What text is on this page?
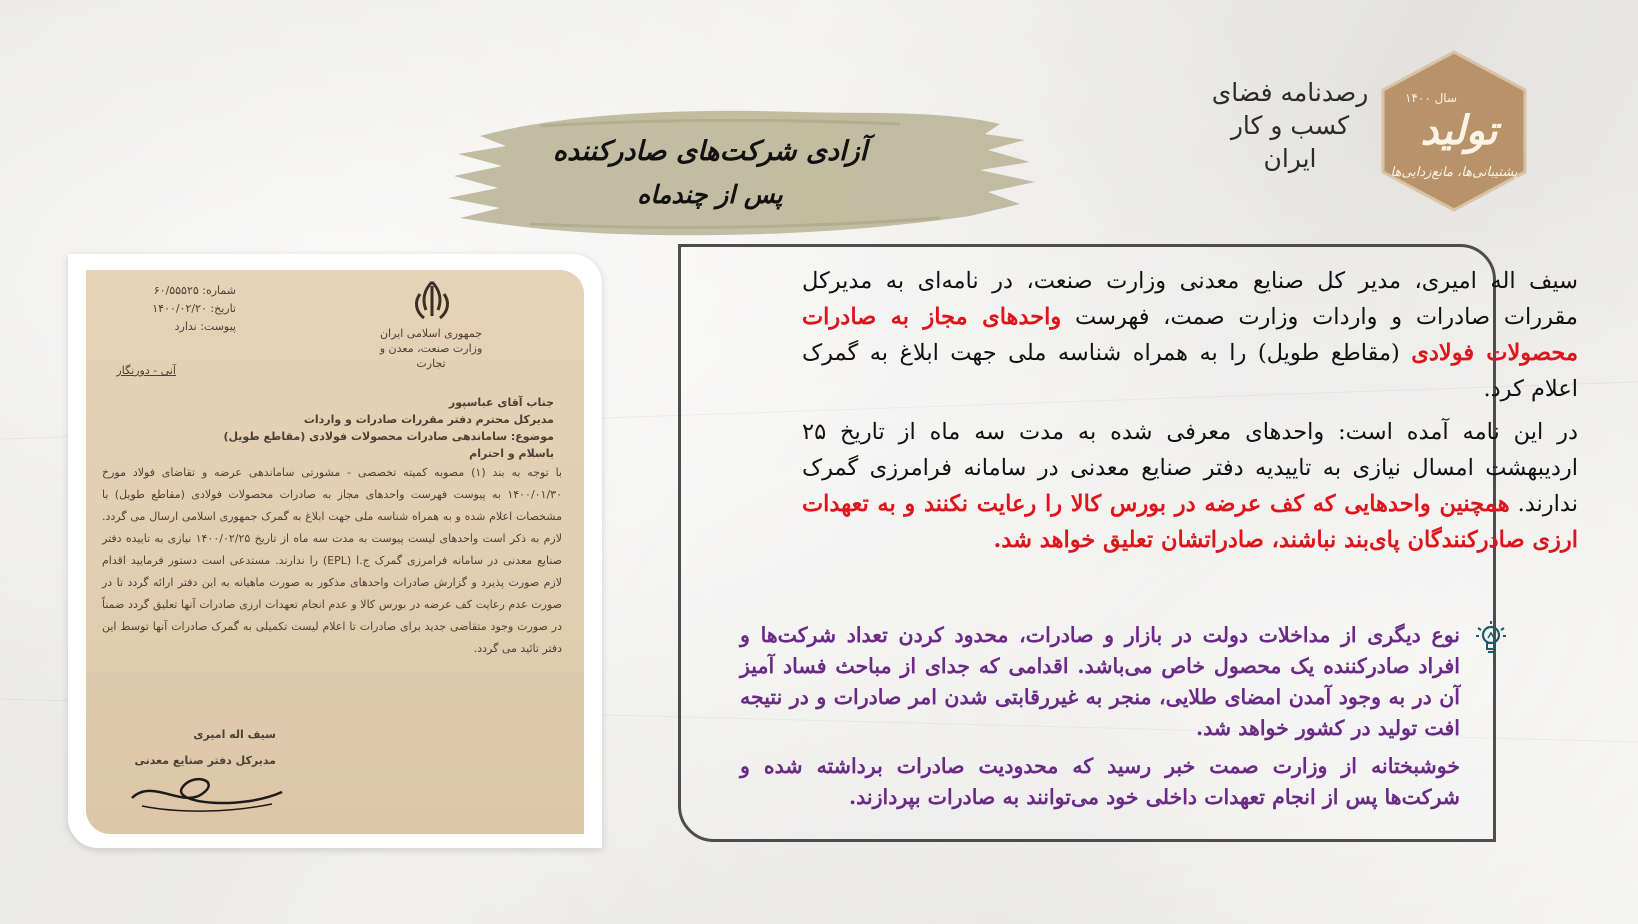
تولید
سال ۱۴۰۰
پشتیبانی‌ها، مانع‌زدایی‌ها
رصدنامه فضای
کسب و کار
ایران
آزادی شرکت‌های صادرکننده
پس از چندماه
جمهوری اسلامی ایران
وزارت صنعت، معدن و تجارت
شماره: ۶۰/۵۵۵۲۵
تاریخ: ۱۴۰۰/۰۲/۲۰
پیوست: ندارد
آنی - دورنگار
جناب آقای عباسپور
مدیرکل محترم دفتر مقررات صادرات و واردات
موضوع: ساماندهی صادرات محصولات فولادی (مقاطع طویل)
باسلام و احترام
با توجه به بند (۱) مصوبه کمیته تخصصی - مشورتی ساماندهی عرضه و تقاضای فولاد مورخ ۱۴۰۰/۰۱/۳۰ به پیوست فهرست واحدهای مجاز به صادرات محصولات فولادی (مقاطع طویل) با مشخصات اعلام شده و به همراه شناسه ملی جهت ابلاغ به گمرک جمهوری اسلامی ارسال می گردد. لازم به ذکر است واحدهای لیست پیوست به مدت سه ماه از تاریخ ۱۴۰۰/۰۲/۲۵ نیازی به تاییده دفتر صنایع معدنی در سامانه فرامرزی گمرک ج.ا (EPL) را ندارند. مستدعی است دستور فرمایید اقدام لازم صورت پذیرد و گزارش صادرات واحدهای مذکور به صورت ماهیانه به این دفتر ارائه گردد تا در صورت عدم رعایت کف عرضه در بورس کالا و عدم انجام تعهدات ارزی صادرات آنها تعلیق گردد ضمناً در صورت وجود متقاضی جدید برای صادرات تا اعلام لیست تکمیلی به گمرک صادرات آنها توسط این دفتر تائید می گردد.
سیف اله امیری
مدیرکل دفتر صنایع معدنی
سیف اله امیری، مدیر کل صنایع معدنی وزارت صنعت، در نامه‌ای به مدیرکل مقررات صادرات و واردات وزارت صمت، فهرست واحدهای مجاز به صادرات محصولات فولادی (مقاطع طویل) را به همراه شناسه ملی جهت ابلاغ به گمرک اعلام کرد.
در این نامه آمده است: واحدهای معرفی شده به مدت سه ماه از تاریخ ۲۵ اردیبهشت امسال نیازی به تاییدیه دفتر صنایع معدنی در سامانه فرامرزی گمرک ندارند. همچنین واحدهایی که کف عرضه در بورس کالا را رعایت نکنند و به تعهدات ارزی صادرکنندگان پای‌بند نباشند، صادراتشان تعلیق خواهد شد.
نوع دیگری از مداخلات دولت در بازار و صادرات، محدود کردن تعداد شرکت‌ها و افراد صادرکننده یک محصول خاص می‌باشد. اقدامی که جدای از مباحث فساد آمیز آن در به وجود آمدن امضای طلایی، منجر به غیررقابتی شدن امر صادرات و در نتیجه افت تولید در کشور خواهد شد.
خوشبختانه از وزارت صمت خبر رسید که محدودیت صادرات برداشته شده و شرکت‌ها پس از انجام تعهدات داخلی خود می‌توانند به صادرات بپردازند.
